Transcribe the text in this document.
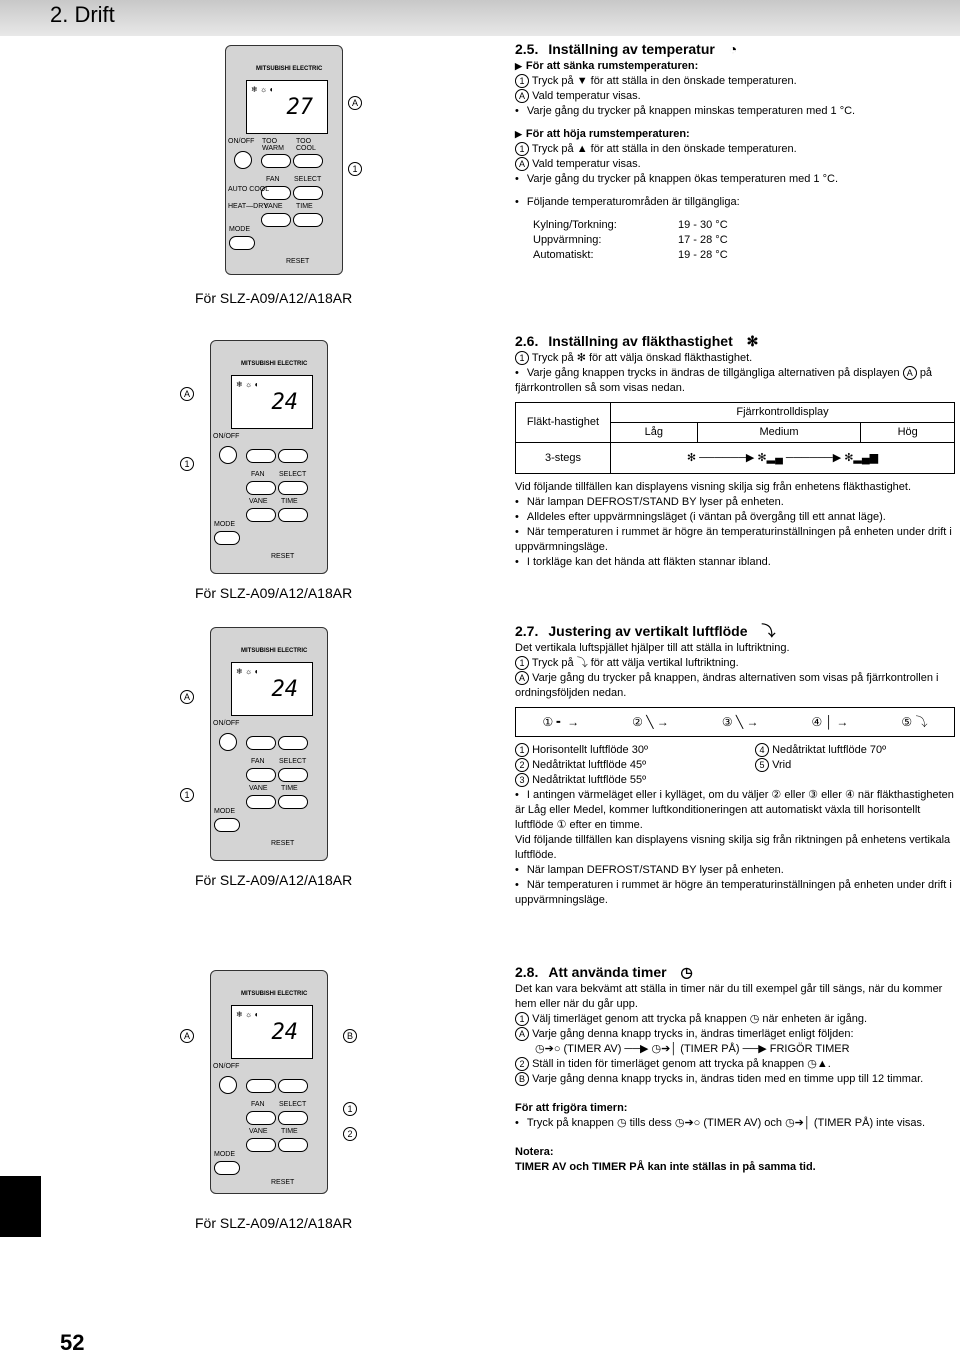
2. Drift
MITSUBISHI ELECTRIC
❄ ☼ ◐
27
ON/OFF TOO
WARM
TOO
COOL
FAN SELECT
AUTO COOL
HEAT—DRY
VANE TIME
MODE
RESET
A
1
För SLZ-A09/A12/A18AR
MITSUBISHI ELECTRIC
❄ ☼ ◐
24
ON/OFF
FAN SELECT
VANE TIME
MODE
RESET
A
1
För SLZ-A09/A12/A18AR
MITSUBISHI ELECTRIC
❄ ☼ ◐
24
ON/OFF
FAN SELECT
VANE TIME
MODE
RESET
A
1
För SLZ-A09/A12/A18AR
MITSUBISHI ELECTRIC
❄ ☼ ◐
24
ON/OFF
FAN SELECT
VANE TIME
MODE
RESET
A	B
1
2
För SLZ-A09/A12/A18AR
2.5. Inställning av temperatur ◔

▶ För att sänka rumstemperaturen:

1 Tryck på ▼ för att ställa in den önskade temperaturen.

A Vald temperatur visas.

• Varje gång du trycker på knappen minskas temperaturen med 1 °C.

▶ För att höja rumstemperaturen:

1 Tryck på ▲ för att ställa in den önskade temperaturen.

A Vald temperatur visas.

• Varje gång du trycker på knappen ökas temperaturen med 1 °C.

• Följande temperaturområden är tillgängliga:

Kylning/Torkning:	19 - 30 °C
Uppvärmning:	17 - 28 °C
Automatiskt:	19 - 28 °C
2.6. Inställning av fläkthastighet ✻

1 Tryck på ✻ för att välja önskad fläkthastighet.

• Varje gång knappen trycks in ändras de tillgängliga alternativen på displayen A på fjärrkontrollen så som visas nedan.

Fläkt-hastighet	Fjärrkontrolldisplay		
	Låg	Medium	Hög
3-stegs	✻ ──────▶ ✻▂▄ ──────▶ ✻▂▄▆		

Vid följande tillfällen kan displayens visning skilja sig från enhetens fläkthastighet.

• När lampan DEFROST/STAND BY lyser på enheten.

• Alldeles efter uppvärmningsläget (i väntan på övergång till ett annat läge).

• När temperaturen i rummet är högre än temperaturinställningen på enheten under drift i uppvärmningsläge.

• I torkläge kan det hända att fläkten stannar ibland.

2.7. Justering av vertikalt luftflöde ⤵

Det vertikala luftspjället hjälper till att ställa in luftriktning.

1 Tryck på ⤵ för att välja vertikal luftriktning.

A Varje gång du trycker på knappen, ändras alternativen som visas på fjärrkontrollen i ordningsföljden nedan.

① ╸ →	② ╲ →	③ ╲ →	④ │ →	⑤ ⤵
1 Horisontellt luftflöde 30º	4 Nedåtriktat luftflöde 70º
2 Nedåtriktat luftflöde 45º	5 Vrid
3 Nedåtriktat luftflöde 55º

• I antingen värmeläget eller i kylläget, om du väljer ② eller ③ eller ④ när fläkthastigheten är Låg eller Medel, kommer luftkonditioneringen att automatiskt växla till horisontellt luftflöde ① efter en timme.

Vid följande tillfällen kan displayens visning skilja sig från riktningen på enhetens vertikala luftflöde.

• När lampan DEFROST/STAND BY lyser på enheten.

• När temperaturen i rummet är högre än temperaturinställningen på enheten under drift i uppvärmningsläge.

2.8. Att använda timer ◷

Det kan vara bekvämt att ställa in timer när du till exempel går till sängs, när du kommer hem eller när du går upp.

1 Välj timerläget genom att trycka på knappen ◷ när enheten är igång.

A Varje gång denna knapp trycks in, ändras timerläget enligt följden:

◷➔○ (TIMER AV) ──▶ ◷➔│ (TIMER PÅ) ──▶ FRIGÖR TIMER

2 Ställ in tiden för timerläget genom att trycka på knappen ◷▲.

B Varje gång denna knapp trycks in, ändras tiden med en timme upp till 12 timmar.

För att frigöra timern:

• Tryck på knappen ◷ tills dess ◷➔○ (TIMER AV) och ◷➔│ (TIMER PÅ) inte visas.

Notera:

TIMER AV och TIMER PÅ kan inte ställas in på samma tid.

52
